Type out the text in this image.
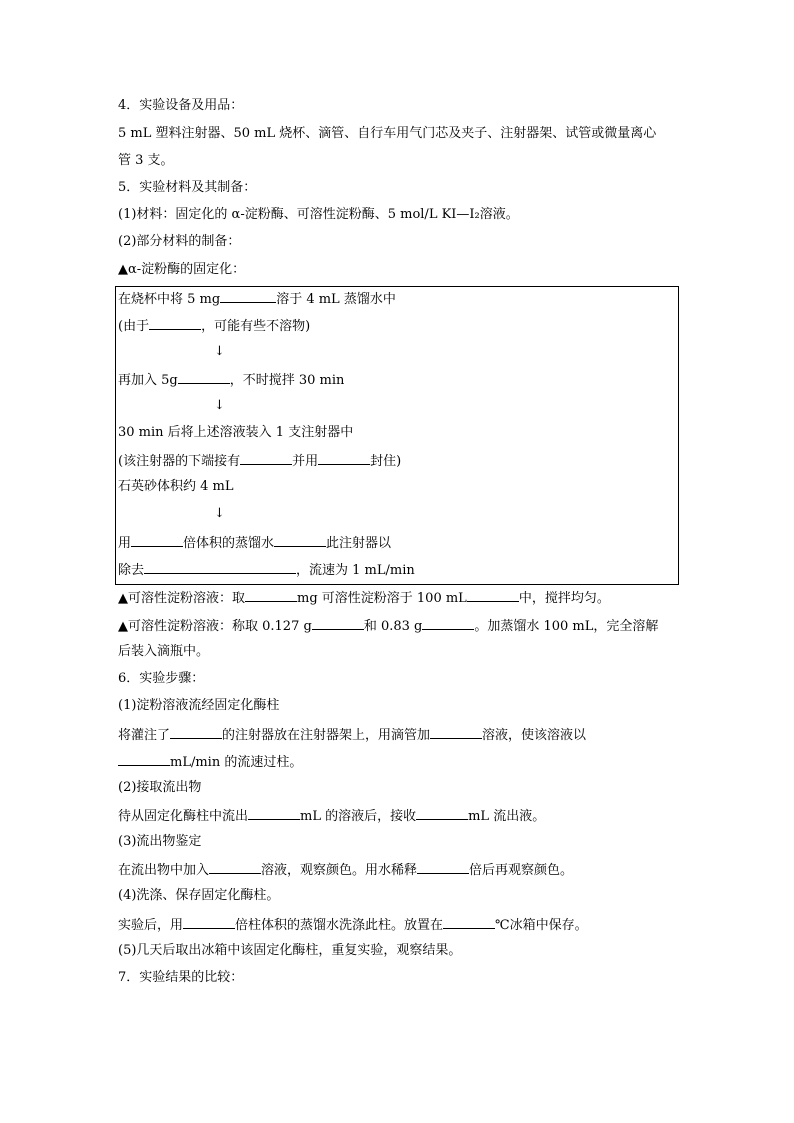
4．实验设备及用品：
5 mL 塑料注射器、50 mL 烧杯、滴管、自行车用气门芯及夹子、注射器架、试管或微量离心
管 3 支。
5．实验材料及其制备：
(1)材料：固定化的 α-淀粉酶、可溶性淀粉酶、5 mol/L KI—I₂溶液。
(2)部分材料的制备：
▲α-淀粉酶的固定化：
在烧杯中将 5 mg	溶于 4 mL 蒸馏水中
(由于	，可能有些不溶物)
↓
再加入 5g	，不时搅拌 30 min
↓
30 min 后将上述溶液装入 1 支注射器中
(该注射器的下端接有	并用	封住)
石英砂体积约 4 mL
↓
用	倍体积的蒸馏水	此注射器以
除去	，流速为 1 mL/min
▲可溶性淀粉溶液：取	mg 可溶性淀粉溶于 100 mL	中，搅拌均匀。
▲可溶性淀粉溶液：称取 0.127 g	和 0.83 g	。加蒸馏水 100 mL，完全溶解
后装入滴瓶中。
6．实验步骤：
(1)淀粉溶液流经固定化酶柱
将灌注了	的注射器放在注射器架上，用滴管加	溶液，使该溶液以
mL/min 的流速过柱。
(2)接取流出物
待从固定化酶柱中流出	mL 的溶液后，接收	mL 流出液。
(3)流出物鉴定
在流出物中加入	溶液，观察颜色。用水稀释	倍后再观察颜色。
(4)洗涤、保存固定化酶柱。
实验后，用	倍柱体积的蒸馏水洗涤此柱。放置在	℃冰箱中保存。
(5)几天后取出冰箱中该固定化酶柱，重复实验，观察结果。
7．实验结果的比较：
